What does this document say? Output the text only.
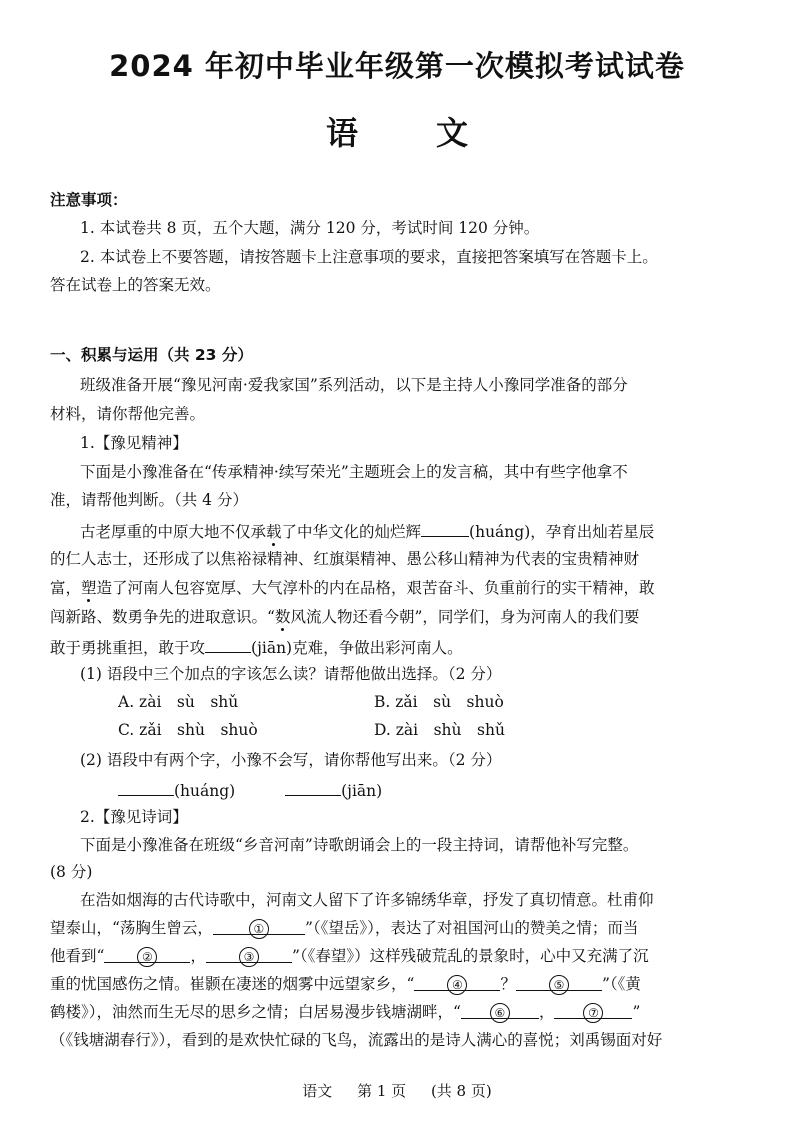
2024 年初中毕业年级第一次模拟考试试卷
语文
注意事项：
1. 本试卷共 8 页，五个大题，满分 120 分，考试时间 120 分钟。
2. 本试卷上不要答题，请按答题卡上注意事项的要求，直接把答案填写在答题卡上。
答在试卷上的答案无效。
一、积累与运用（共 23 分）
班级准备开展“豫见河南·爱我家国”系列活动，以下是主持人小豫同学准备的部分
材料，请你帮他完善。
1.【豫见精神】
下面是小豫准备在“传承精神·续写荣光”主题班会上的发言稿，其中有些字他拿不
准，请帮他判断。（共 4 分）
古老厚重的中原大地不仅承载了中华文化的灿烂辉	(huáng)，孕育出灿若星辰
的仁人志士，还形成了以焦裕禄精神、红旗渠精神、愚公移山精神为代表的宝贵精神财
富，塑造了河南人包容宽厚、大气淳朴的内在品格，艰苦奋斗、负重前行的实干精神，敢
闯新路、数勇争先的进取意识。“数风流人物还看今朝”，同学们，身为河南人的我们要
敢于勇挑重担，敢于攻	(jiān)克难，争做出彩河南人。
(1) 语段中三个加点的字该怎么读？请帮他做出选择。（2 分）
A. zài　sù　shǔ	B. zǎi　sù　shuò
C. zǎi　shù　shuò	D. zài　shù　shǔ
(2) 语段中有两个字，小豫不会写，请你帮他写出来。（2 分）
(huáng)	(jiān)
2.【豫见诗词】
下面是小豫准备在班级“乡音河南”诗歌朗诵会上的一段主持词，请帮他补写完整。
(8 分)
在浩如烟海的古代诗歌中，河南文人留下了许多锦绣华章，抒发了真切情意。杜甫仰
望泰山，“荡胸生曾云，	①	”（《望岳》），表达了对祖国河山的赞美之情；而当
他看到“	② ，	③ ”（《春望》）这样残破荒乱的景象时，心中又充满了沉
重的忧国感伤之情。崔颢在凄迷的烟雾中远望家乡，“	④ ？	⑤ ”（《黄
鹤楼》），油然而生无尽的思乡之情；白居易漫步钱塘湖畔，“	⑥ ，	⑦ ”
（《钱塘湖春行》），看到的是欢快忙碌的飞鸟，流露出的是诗人满心的喜悦；刘禹锡面对好
语文 第 1 页 (共 8 页)
